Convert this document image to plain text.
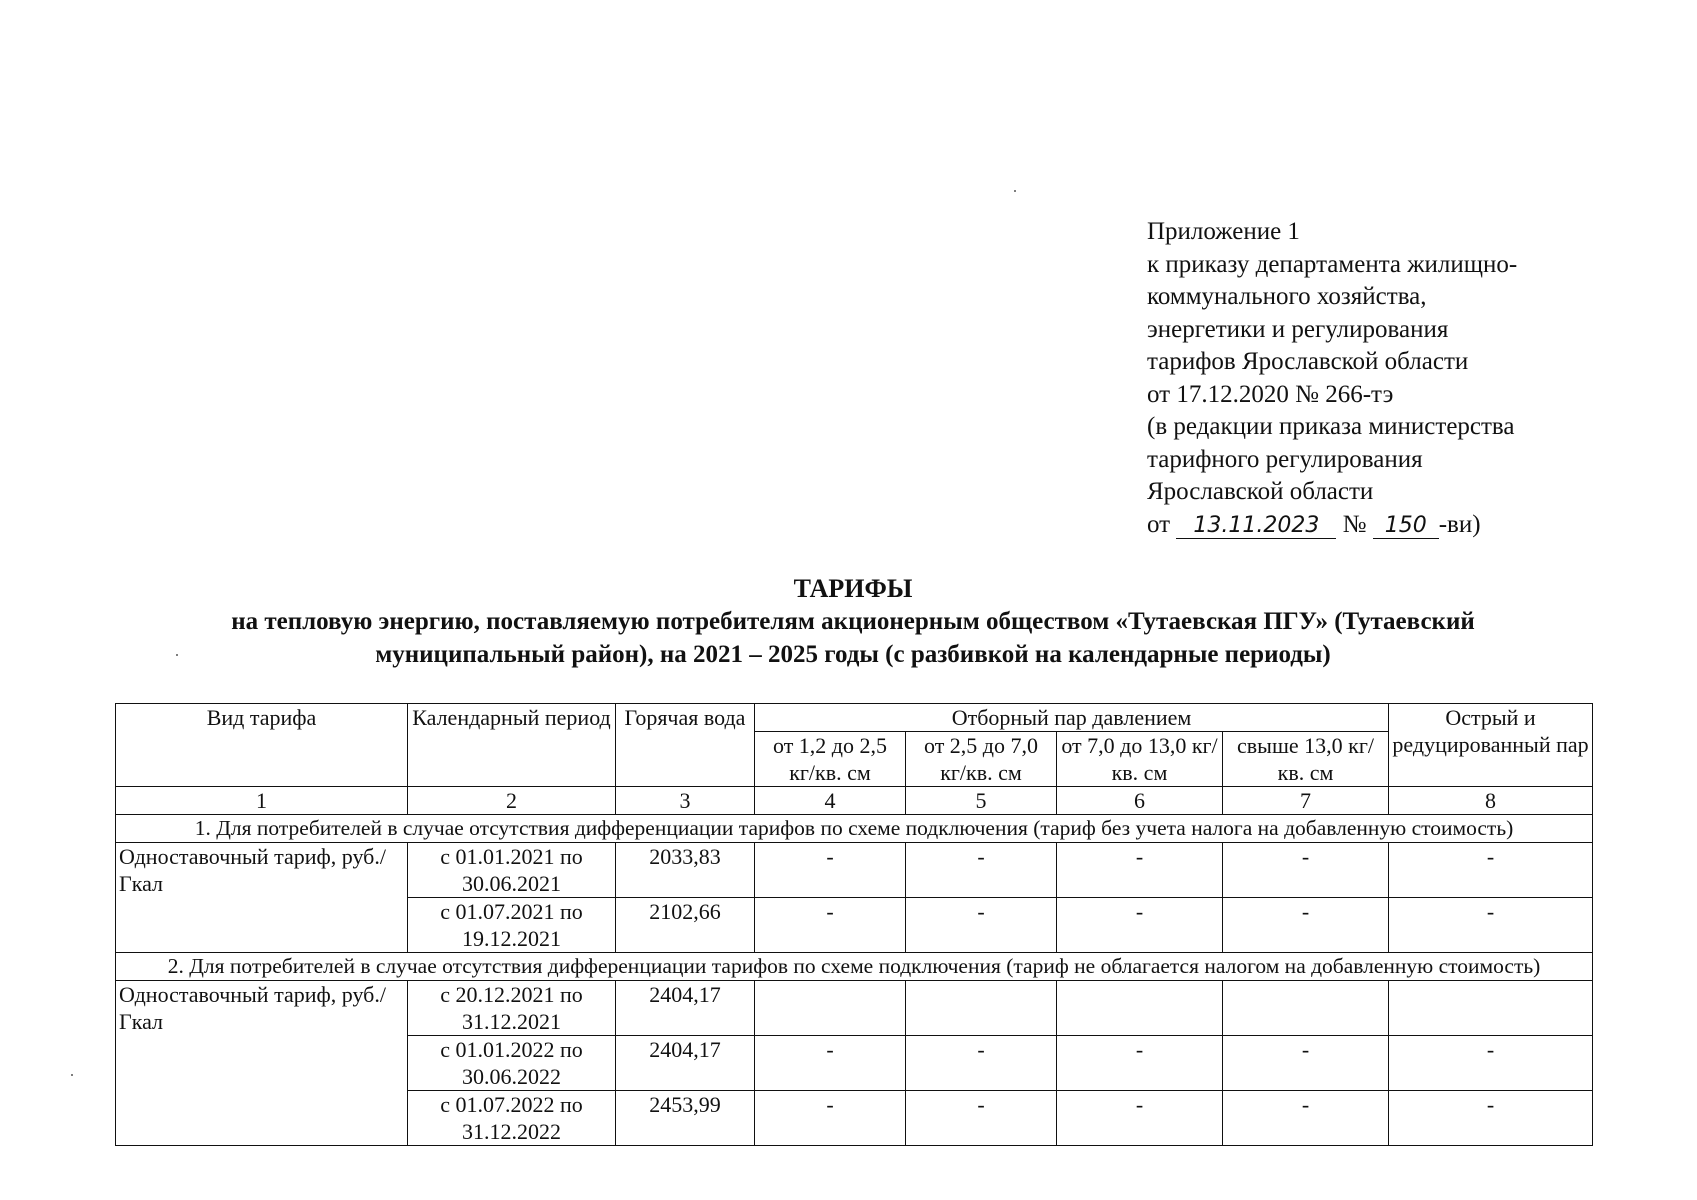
Приложение 1
к приказу департамента жилищно-
коммунального хозяйства,
энергетики и регулирования
тарифов Ярославской области
от 17.12.2020 № 266-тэ
(в редакции приказа министерства
тарифного регулирования
Ярославской области
от 13.11.2023 № 150 -ви)
ТАРИФЫ
на тепловую энергию, поставляемую потребителям акционерным обществом «Тутаевская ПГУ» (Тутаевский
муниципальный район), на 2021 – 2025 годы (с разбивкой на календарные периоды)
Вид тарифа	Календарный период	Горячая вода	Отборный пар давлением				Острый и редуцированный пар
			от 1,2 до 2,5 кг/кв. см	от 2,5 до 7,0 кг/кв. см	от 7,0 до 13,0 кг/кв. см	свыше 13,0 кг/кв. см	
1	2	3	4	5	6	7	8
1. Для потребителей в случае отсутствия дифференциации тарифов по схеме подключения (тариф без учета налога на добавленную стоимость)							
Одноставочный тариф, руб./Гкал	с 01.01.2021 по 30.06.2021	2033,83	-	-	-	-	-
	с 01.07.2021 по 19.12.2021	2102,66	-	-	-	-	-
2. Для потребителей в случае отсутствия дифференциации тарифов по схеме подключения (тариф не облагается налогом на добавленную стоимость)							
Одноставочный тариф, руб./Гкал	с 20.12.2021 по 31.12.2021	2404,17					
	с 01.01.2022 по 30.06.2022	2404,17	-	-	-	-	-
	с 01.07.2022 по 31.12.2022	2453,99	-	-	-	-	-
